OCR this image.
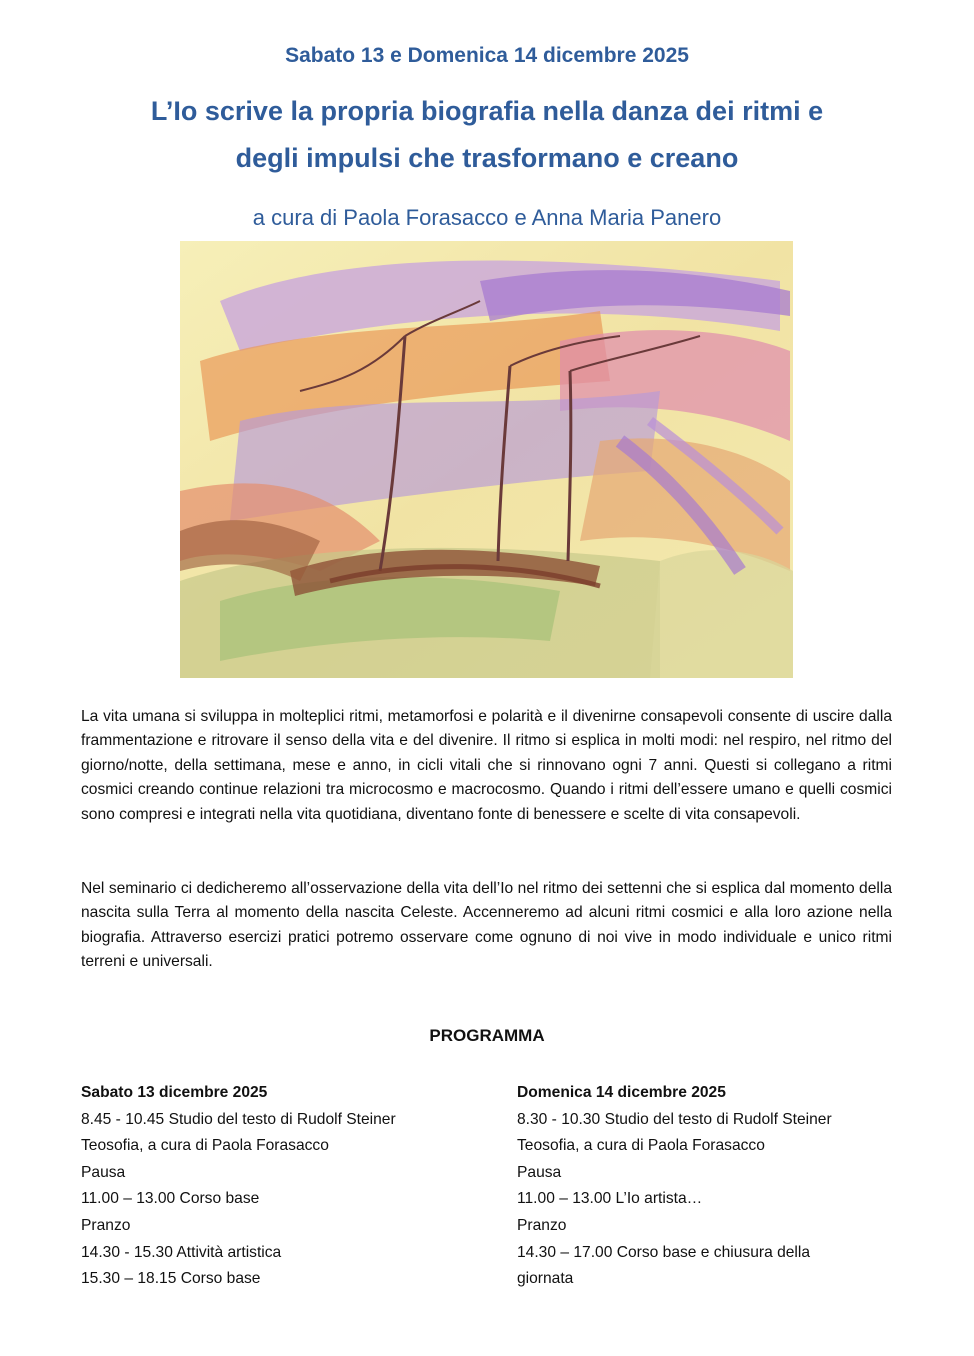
Sabato 13 e Domenica 14 dicembre 2025
L’Io scrive la propria biografia nella danza dei ritmi e
degli impulsi che trasformano e creano
a cura di Paola Forasacco e Anna Maria Panero

La vita umana si sviluppa in molteplici ritmi, metamorfosi e polarità e il divenirne consapevoli consente di uscire dalla frammentazione e ritrovare il senso della vita e del divenire. Il ritmo si esplica in molti modi: nel respiro, nel ritmo del giorno/notte, della settimana, mese e anno, in cicli vitali che si rinnovano ogni 7 anni. Questi si collegano a ritmi cosmici creando continue relazioni tra microcosmo e macrocosmo. Quando i ritmi dell’essere umano e quelli cosmici sono compresi e integrati nella vita quotidiana, diventano fonte di benessere e scelte di vita consapevoli.

Nel seminario ci dedicheremo all’osservazione della vita dell’Io nel ritmo dei settenni che si esplica dal momento della nascita sulla Terra al momento della nascita Celeste. Accenneremo ad alcuni ritmi cosmici e alla loro azione nella biografia. Attraverso esercizi pratici potremo osservare come ognuno di noi vive in modo individuale e unico ritmi terreni e universali.

PROGRAMMA
Sabato 13 dicembre 2025
8.45 - 10.45 Studio del testo di Rudolf Steiner
Teosofia, a cura di Paola Forasacco
Pausa
11.00 – 13.00 Corso base
Pranzo
14.30 - 15.30 Attività artistica
15.30 – 18.15 Corso base
Domenica 14 dicembre 2025
8.30 - 10.30 Studio del testo di Rudolf Steiner
Teosofia, a cura di Paola Forasacco
Pausa
11.00 – 13.00 L’Io artista…
Pranzo
14.30 – 17.00 Corso base e chiusura della
giornata
